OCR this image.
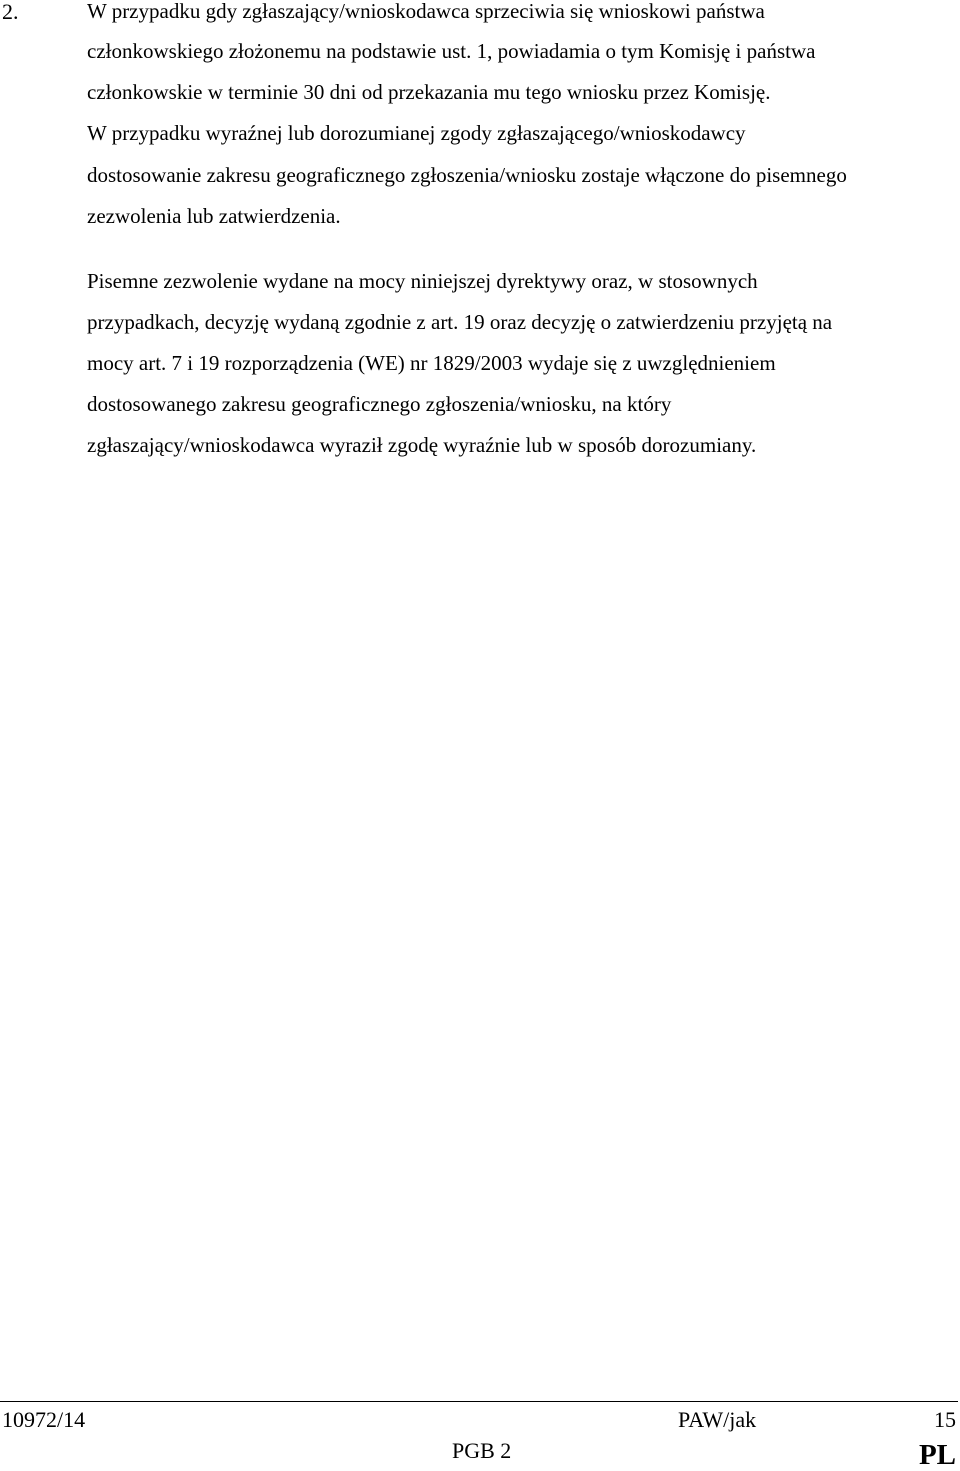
2.	W przypadku gdy zgłaszający/wnioskodawca sprzeciwia się wnioskowi państwa
członkowskiego złożonemu na podstawie ust. 1, powiadamia o tym Komisję i państwa
członkowskie w terminie 30 dni od przekazania mu tego wniosku przez Komisję.
W przypadku wyraźnej lub dorozumianej zgody zgłaszającego/wnioskodawcy
dostosowanie zakresu geograficznego zgłoszenia/wniosku zostaje włączone do pisemnego
zezwolenia lub zatwierdzenia.
Pisemne zezwolenie wydane na mocy niniejszej dyrektywy oraz, w stosownych
przypadkach, decyzję wydaną zgodnie z art. 19 oraz decyzję o zatwierdzeniu przyjętą na
mocy art. 7 i 19 rozporządzenia (WE) nr 1829/2003 wydaje się z uwzględnieniem
dostosowanego zakresu geograficznego zgłoszenia/wniosku, na który
zgłaszający/wnioskodawca wyraził zgodę wyraźnie lub w sposób dorozumiany.
10972/14	PAW/jak	15
PGB 2	PL
